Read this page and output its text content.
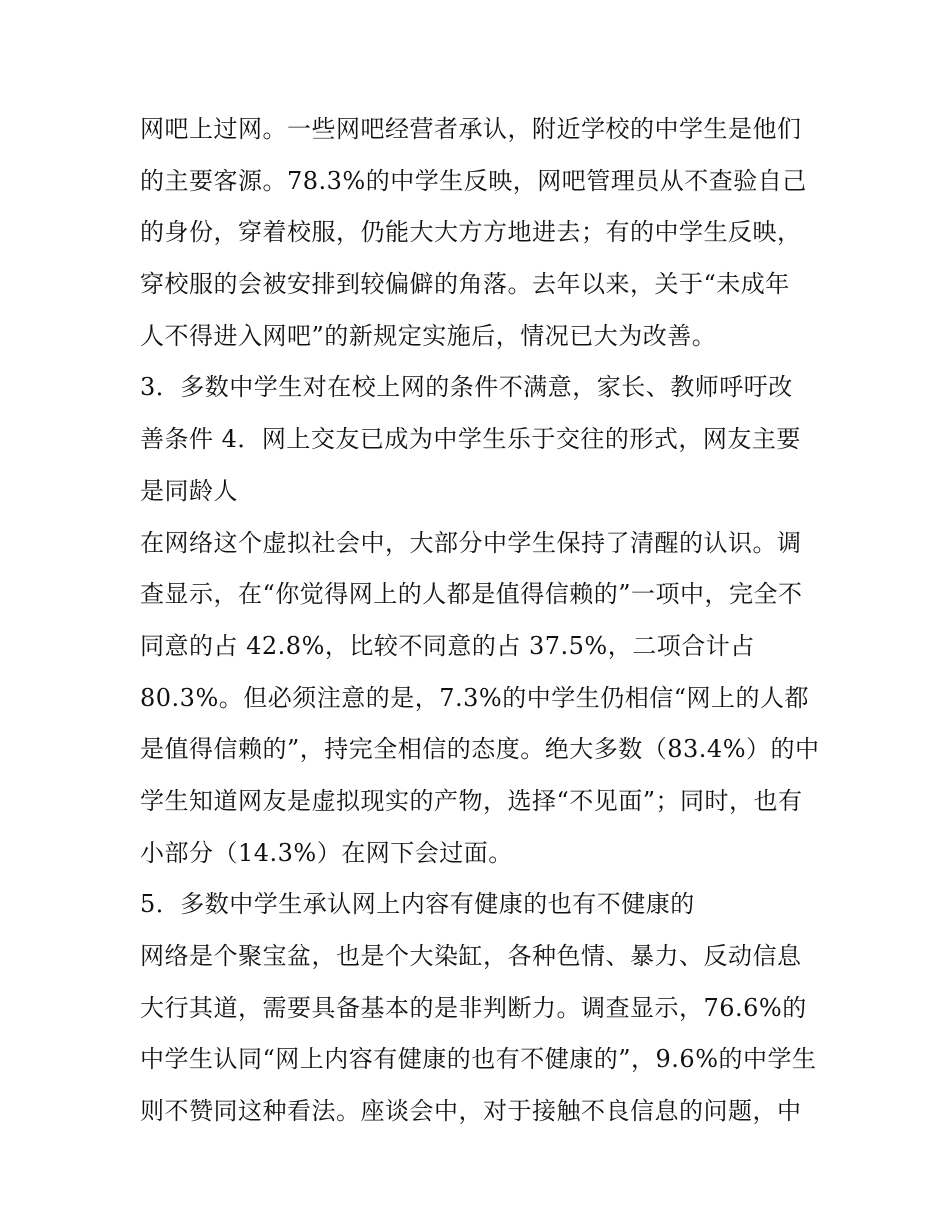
网吧上过网。一些网吧经营者承认，附近学校的中学生是他们
的主要客源。78.3%的中学生反映，网吧管理员从不查验自己
的身份，穿着校服，仍能大大方方地进去；有的中学生反映，
穿校服的会被安排到较偏僻的角落。去年以来，关于“未成年
人不得进入网吧”的新规定实施后，情况已大为改善。
3．多数中学生对在校上网的条件不满意，家长、教师呼吁改
善条件 4．网上交友已成为中学生乐于交往的形式，网友主要
是同龄人
在网络这个虚拟社会中，大部分中学生保持了清醒的认识。调
查显示，在“你觉得网上的人都是值得信赖的”一项中，完全不
同意的占 42.8%，比较不同意的占 37.5%，二项合计占
80.3%。但必须注意的是，7.3%的中学生仍相信“网上的人都
是值得信赖的”，持完全相信的态度。绝大多数（83.4%）的中
学生知道网友是虚拟现实的产物，选择“不见面”；同时，也有
小部分（14.3%）在网下会过面。
5．多数中学生承认网上内容有健康的也有不健康的
网络是个聚宝盆，也是个大染缸，各种色情、暴力、反动信息
大行其道，需要具备基本的是非判断力。调查显示，76.6%的
中学生认同“网上内容有健康的也有不健康的”，9.6%的中学生
则不赞同这种看法。座谈会中，对于接触不良信息的问题，中
